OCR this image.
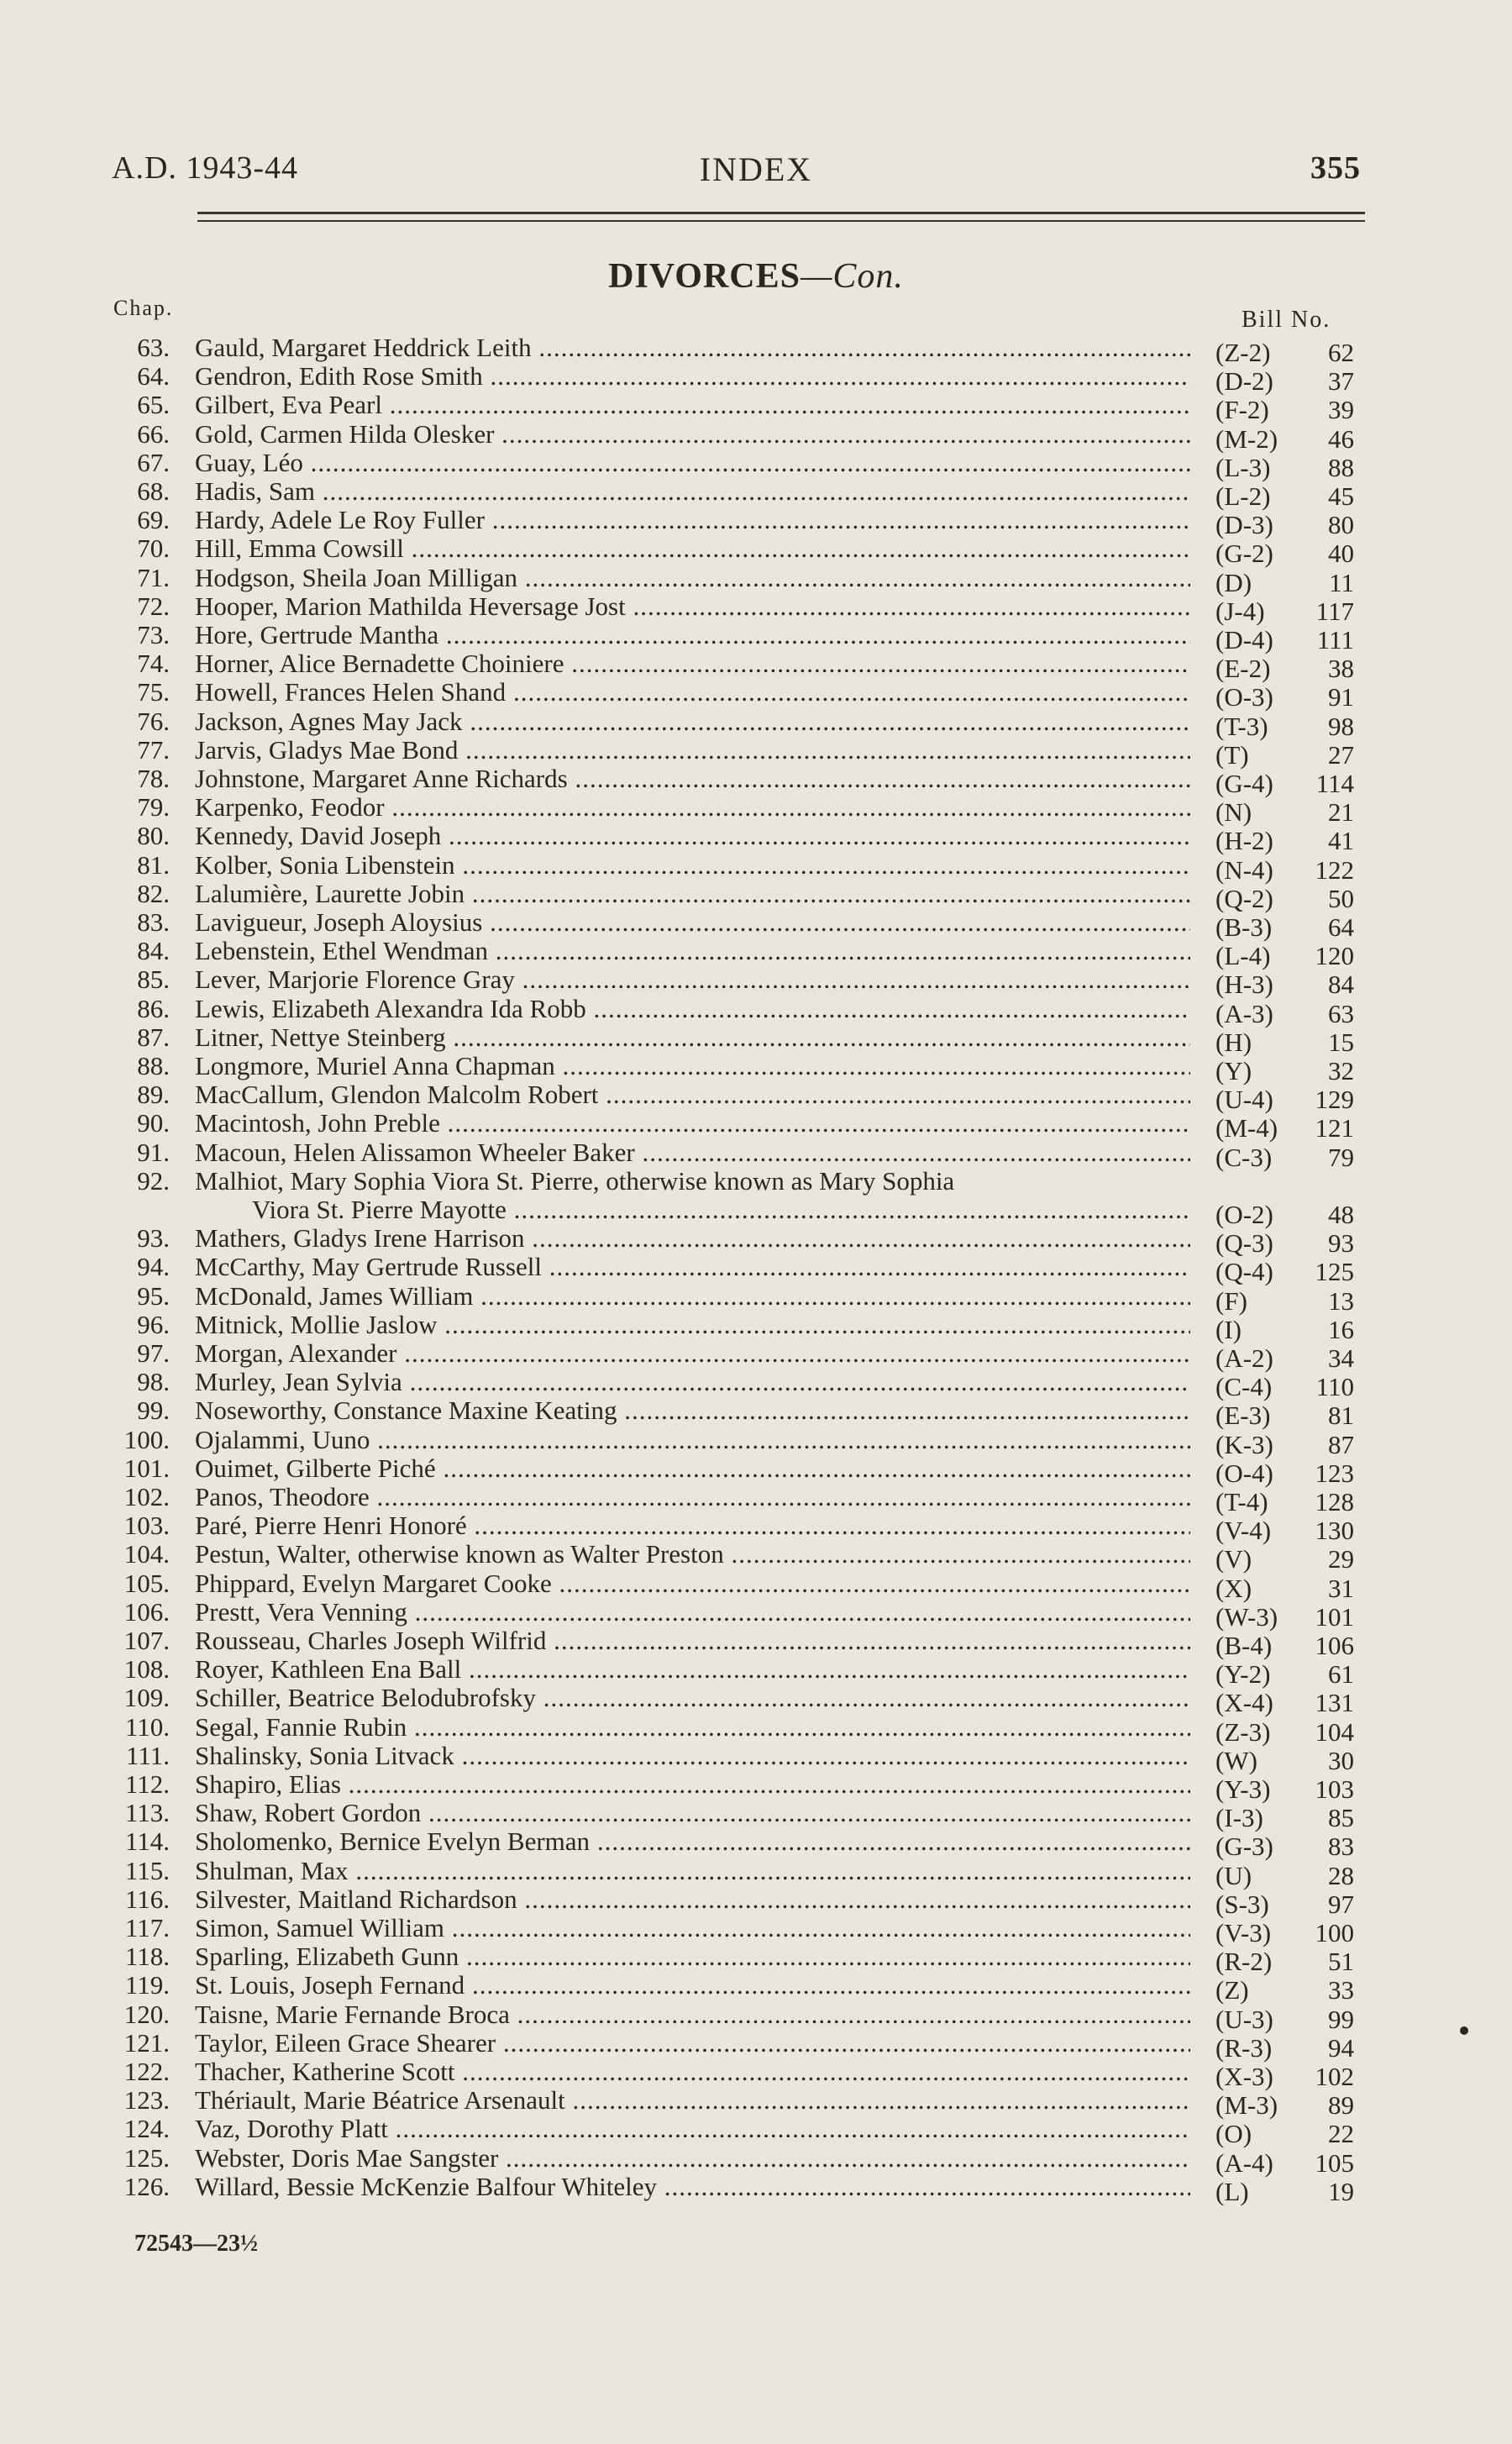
A.D. 1943-44	INDEX	355
DIVORCES—Con.
Chap.	Bill No.
63. Gauld, Margaret Heddrick Leith .....	(Z-2)	62
64. Gendron, Edith Rose Smith .....	(D-2)	37
65. Gilbert, Eva Pearl .....	(F-2)	39
66. Gold, Carmen Hilda Olesker .....	(M-2)	46
67. Guay, Léo .....	(L-3)	88
68. Hadis, Sam .....	(L-2)	45
69. Hardy, Adele Le Roy Fuller .....	(D-3)	80
70. Hill, Emma Cowsill .....	(G-2)	40
71. Hodgson, Sheila Joan Milligan .....	(D)	11
72. Hooper, Marion Mathilda Heversage Jost .....	(J-4)	117
73. Hore, Gertrude Mantha .....	(D-4)	111
74. Horner, Alice Bernadette Choiniere .....	(E-2)	38
75. Howell, Frances Helen Shand .....	(O-3)	91
76. Jackson, Agnes May Jack .....	(T-3)	98
77. Jarvis, Gladys Mae Bond .....	(T)	27
78. Johnstone, Margaret Anne Richards .....	(G-4)	114
79. Karpenko, Feodor .....	(N)	21
80. Kennedy, David Joseph .....	(H-2)	41
81. Kolber, Sonia Libenstein .....	(N-4)	122
82. Lalumière, Laurette Jobin .....	(Q-2)	50
83. Lavigueur, Joseph Aloysius .....	(B-3)	64
84. Lebenstein, Ethel Wendman .....	(L-4)	120
85. Lever, Marjorie Florence Gray .....	(H-3)	84
86. Lewis, Elizabeth Alexandra Ida Robb .....	(A-3)	63
87. Litner, Nettye Steinberg .....	(H)	15
88. Longmore, Muriel Anna Chapman .....	(Y)	32
89. MacCallum, Glendon Malcolm Robert .....	(U-4)	129
90. Macintosh, John Preble .....	(M-4)	121
91. Macoun, Helen Alissamon Wheeler Baker .....	(C-3)	79
92. Malhiot, Mary Sophia Viora St. Pierre, otherwise known as Mary Sophia
Viora St. Pierre Mayotte .....	(O-2)	48
93. Mathers, Gladys Irene Harrison .....	(Q-3)	93
94. McCarthy, May Gertrude Russell .....	(Q-4)	125
95. McDonald, James William .....	(F)	13
96. Mitnick, Mollie Jaslow .....	(I)	16
97. Morgan, Alexander .....	(A-2)	34
98. Murley, Jean Sylvia .....	(C-4)	110
99. Noseworthy, Constance Maxine Keating .....	(E-3)	81
100. Ojalammi, Uuno .....	(K-3)	87
101. Ouimet, Gilberte Piché .....	(O-4)	123
102. Panos, Theodore .....	(T-4)	128
103. Paré, Pierre Henri Honoré .....	(V-4)	130
104. Pestun, Walter, otherwise known as Walter Preston .....	(V)	29
105. Phippard, Evelyn Margaret Cooke .....	(X)	31
106. Prestt, Vera Venning .....	(W-3)	101
107. Rousseau, Charles Joseph Wilfrid .....	(B-4)	106
108. Royer, Kathleen Ena Ball .....	(Y-2)	61
109. Schiller, Beatrice Belodubrofsky .....	(X-4)	131
110. Segal, Fannie Rubin .....	(Z-3)	104
111. Shalinsky, Sonia Litvack .....	(W)	30
112. Shapiro, Elias .....	(Y-3)	103
113. Shaw, Robert Gordon .....	(I-3)	85
114. Sholomenko, Bernice Evelyn Berman .....	(G-3)	83
115. Shulman, Max .....	(U)	28
116. Silvester, Maitland Richardson .....	(S-3)	97
117. Simon, Samuel William .....	(V-3)	100
118. Sparling, Elizabeth Gunn .....	(R-2)	51
119. St. Louis, Joseph Fernand .....	(Z)	33
120. Taisne, Marie Fernande Broca .....	(U-3)	99
121. Taylor, Eileen Grace Shearer .....	(R-3)	94
122. Thacher, Katherine Scott .....	(X-3)	102
123. Thériault, Marie Béatrice Arsenault .....	(M-3)	89
124. Vaz, Dorothy Platt .....	(O)	22
125. Webster, Doris Mae Sangster .....	(A-4)	105
126. Willard, Bessie McKenzie Balfour Whiteley .....	(L)	19
72543—23½
